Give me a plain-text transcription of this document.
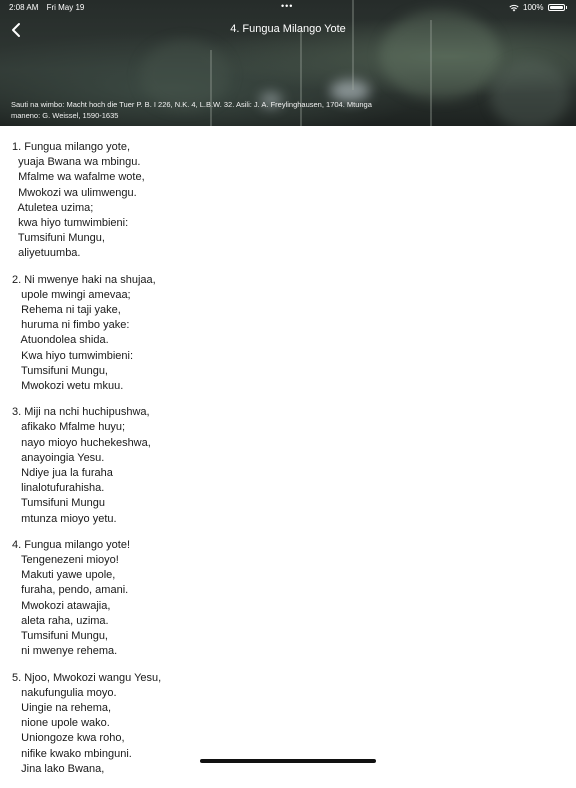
2:08 AM Fri May 19	•••	100%
4. Fungua Milango Yote
Sauti na wimbo: Macht hoch die Tuer P. B. I 226, N.K. 4, L.B.W. 32. Asili: J. A. Freylinghausen, 1704. Mtunga maneno: G. Weissel, 1590-1635
1. Fungua milango yote,
yuaja Bwana wa mbingu.
Mfalme wa wafalme wote,
Mwokozi wa ulimwengu.
Atuletea uzima;
kwa hiyo tumwimbieni:
Tumsifuni Mungu,
aliyetuumba.
2. Ni mwenye haki na shujaa,
upole mwingi amevaa;
Rehema ni taji yake,
huruma ni fimbo yake:
Atuondolea shida.
Kwa hiyo tumwimbieni:
Tumsifuni Mungu,
Mwokozi wetu mkuu.
3. Miji na nchi huchipushwa,
afikako Mfalme huyu;
nayo mioyo huchekeshwa,
anayoingia Yesu.
Ndiye jua la furaha
linalotufurahisha.
Tumsifuni Mungu
mtunza mioyo yetu.
4. Fungua milango yote!
Tengenezeni mioyo!
Makuti yawe upole,
furaha, pendo, amani.
Mwokozi atawajia,
aleta raha, uzima.
Tumsifuni Mungu,
ni mwenye rehema.
5. Njoo, Mwokozi wangu Yesu,
nakufungulia moyo.
Uingie na rehema,
nione upole wako.
Uniongoze kwa roho,
nifike kwako mbinguni.
Jina lako Bwana,
